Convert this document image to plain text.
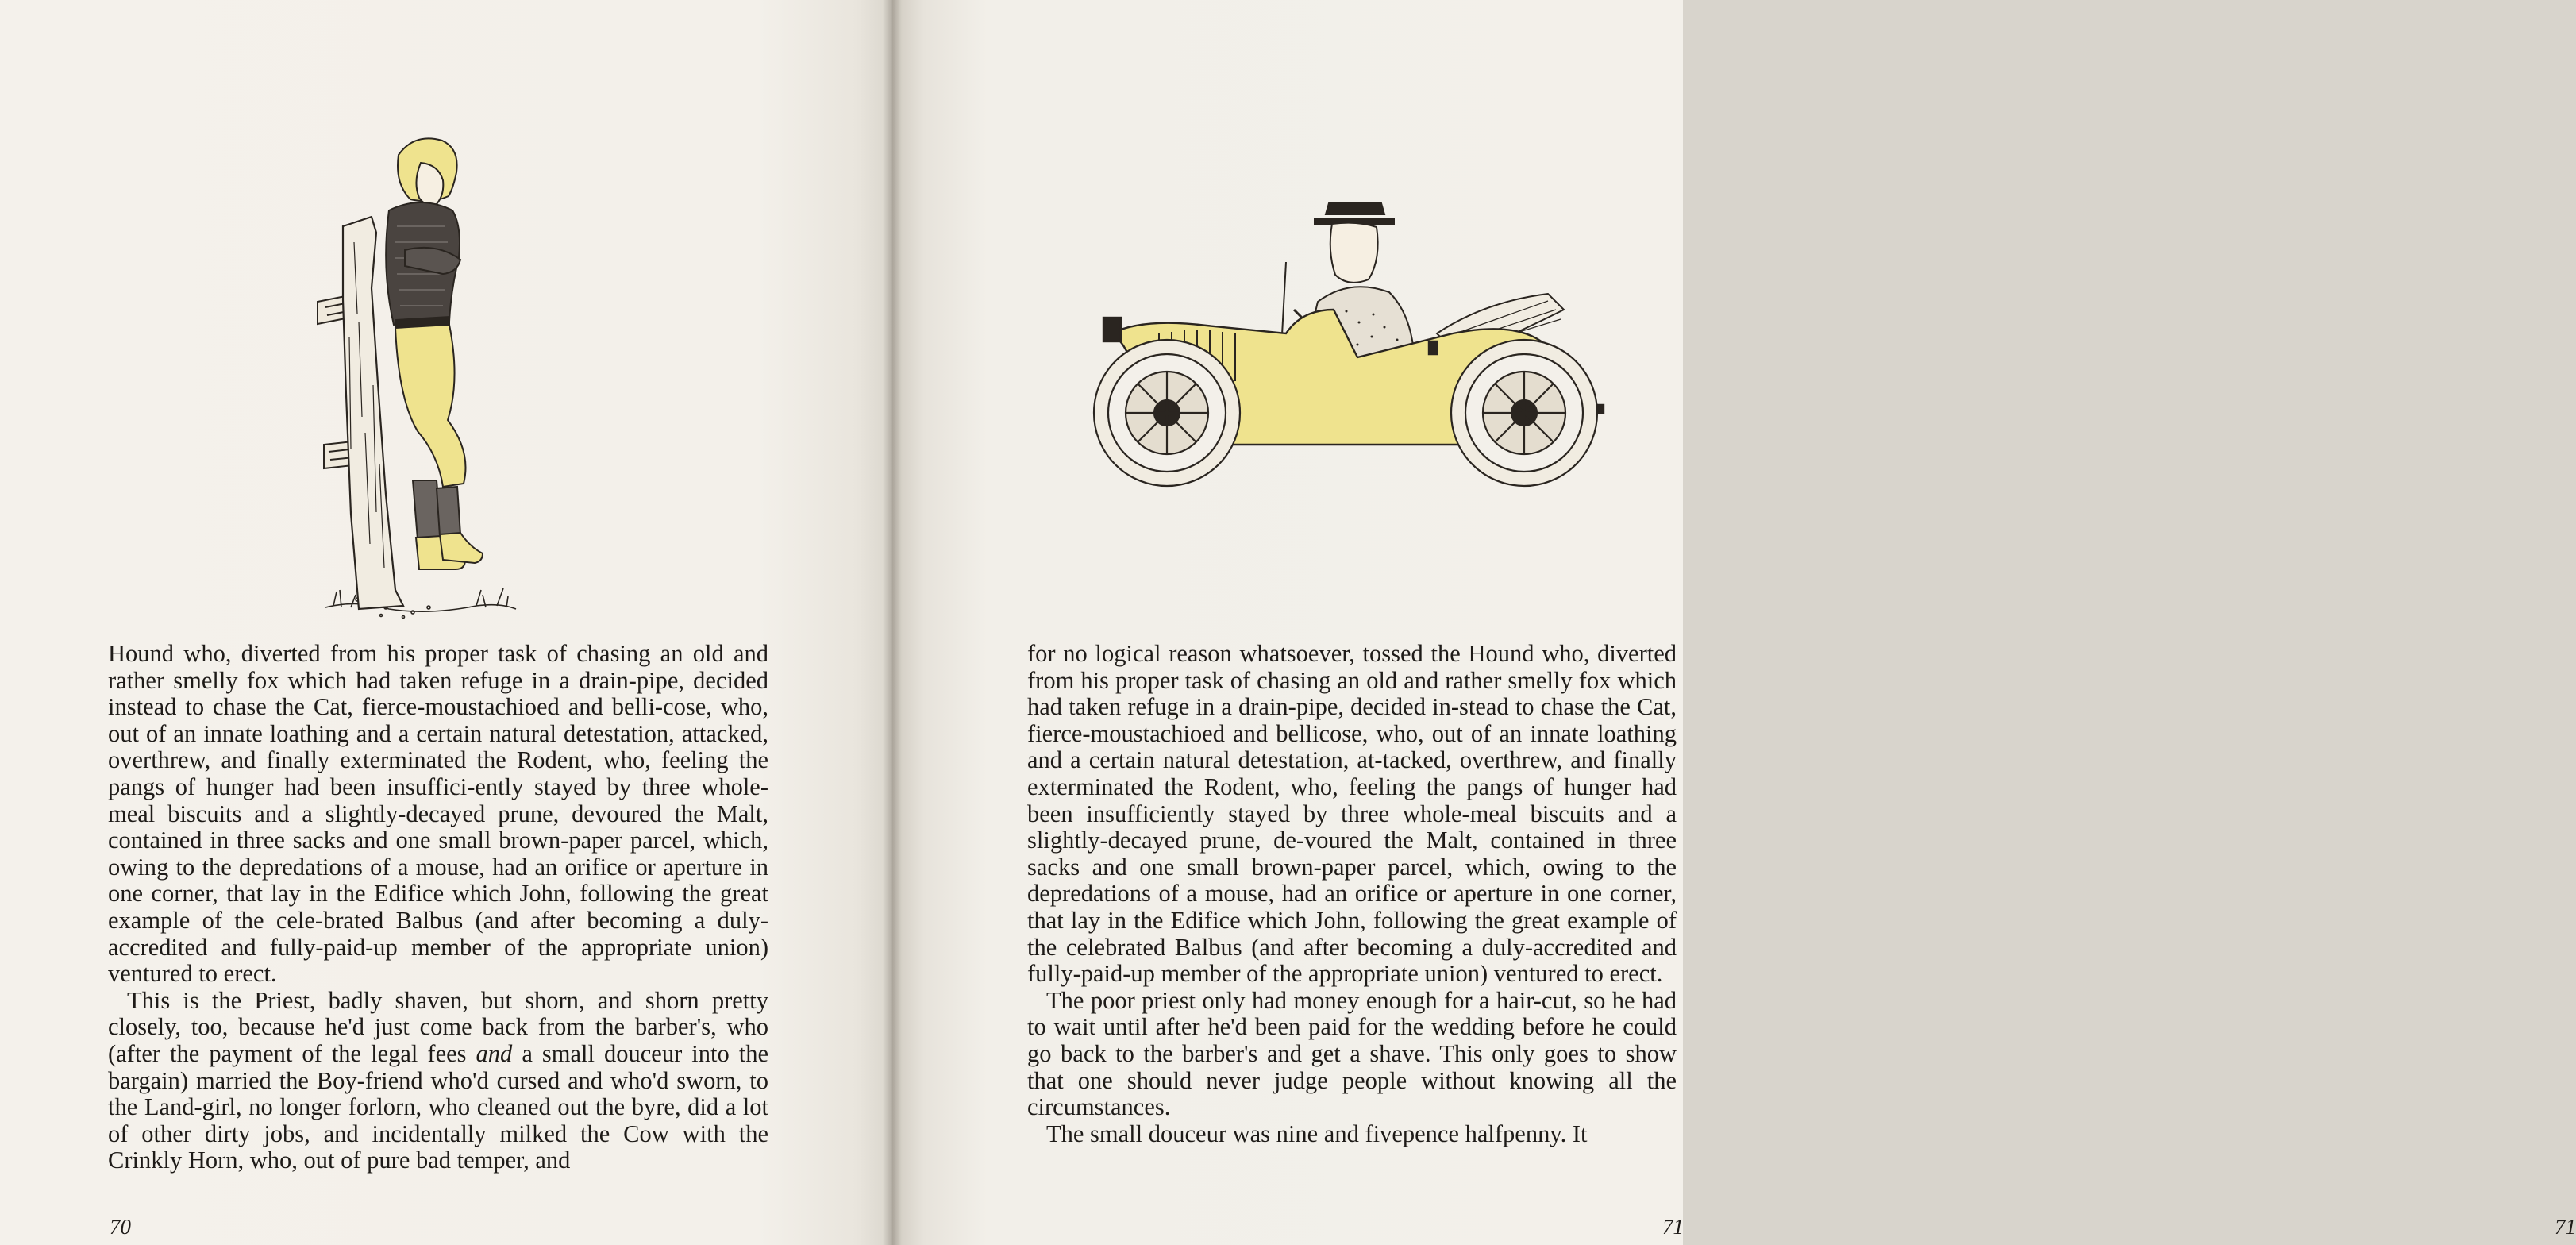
Hound who, diverted from his proper task of chasing an old and rather smelly fox which had taken refuge in a drain-pipe, decided instead to chase the Cat, fierce-moustachioed and belli-cose, who, out of an innate loathing and a certain natural detestation, attacked, overthrew, and finally exterminated the Rodent, who, feeling the pangs of hunger had been insuffici-ently stayed by three whole-meal biscuits and a slightly-decayed prune, devoured the Malt, contained in three sacks and one small brown-paper parcel, which, owing to the depredations of a mouse, had an orifice or aperture in one corner, that lay in the Edifice which John, following the great example of the cele-brated Balbus (and after becoming a duly-accredited and fully-paid-up member of the appropriate union) ventured to erect.

This is the Priest, badly shaven, but shorn, and shorn pretty closely, too, because he'd just come back from the barber's, who (after the payment of the legal fees and a small douceur into the bargain) married the Boy-friend who'd cursed and who'd sworn, to the Land-girl, no longer forlorn, who cleaned out the byre, did a lot of other dirty jobs, and incidentally milked the Cow with the Crinkly Horn, who, out of pure bad temper, and

70	71

for no logical reason whatsoever, tossed the Hound who, diverted from his proper task of chasing an old and rather smelly fox which had taken refuge in a drain-pipe, decided in-stead to chase the Cat, fierce-moustachioed and bellicose, who, out of an innate loathing and a certain natural detestation, at-tacked, overthrew, and finally exterminated the Rodent, who, feeling the pangs of hunger had been insufficiently stayed by three whole-meal biscuits and a slightly-decayed prune, de-voured the Malt, contained in three sacks and one small brown-paper parcel, which, owing to the depredations of a mouse, had an orifice or aperture in one corner, that lay in the Edifice which John, following the great example of the celebrated Balbus (and after becoming a duly-accredited and fully-paid-up member of the appropriate union) ventured to erect.

The poor priest only had money enough for a hair-cut, so he had to wait until after he'd been paid for the wedding before he could go back to the barber's and get a shave. This only goes to show that one should never judge people without knowing all the circumstances.

The small douceur was nine and fivepence halfpenny. It

71
